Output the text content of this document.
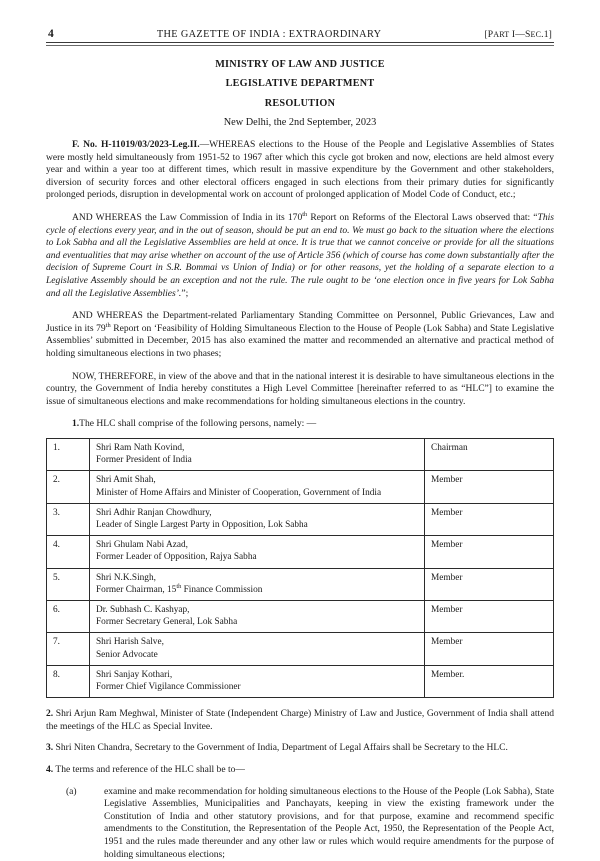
4	THE GAZETTE OF INDIA : EXTRAORDINARY	[PART I—SEC.1]
MINISTRY OF LAW AND JUSTICE
LEGISLATIVE DEPARTMENT
RESOLUTION
New Delhi, the 2nd September, 2023

F. No. H-11019/03/2023-Leg.II.—WHEREAS elections to the House of the People and Legislative Assemblies of States were mostly held simultaneously from 1951-52 to 1967 after which this cycle got broken and now, elections are held almost every year and within a year too at different times, which result in massive expenditure by the Government and other stakeholders, diversion of security forces and other electoral officers engaged in such elections from their primary duties for significantly prolonged periods, disruption in developmental work on account of prolonged application of Model Code of Conduct, etc.;

AND WHEREAS the Law Commission of India in its 170th Report on Reforms of the Electoral Laws observed that: “This cycle of elections every year, and in the out of season, should be put an end to. We must go back to the situation where the elections to Lok Sabha and all the Legislative Assemblies are held at once. It is true that we cannot conceive or provide for all the situations and eventualities that may arise whether on account of the use of Article 356 (which of course has come down substantially after the decision of Supreme Court in S.R. Bommai vs Union of India) or for other reasons, yet the holding of a separate election to a Legislative Assembly should be an exception and not the rule. The rule ought to be ‘one election once in five years for Lok Sabha and all the Legislative Assemblies’.”;

AND WHEREAS the Department-related Parliamentary Standing Committee on Personnel, Public Grievances, Law and Justice in its 79th Report on ‘Feasibility of Holding Simultaneous Election to the House of People (Lok Sabha) and State Legislative Assemblies’ submitted in December, 2015 has also examined the matter and recommended an alternative and practical method of holding simultaneous elections in two phases;

NOW, THEREFORE, in view of the above and that in the national interest it is desirable to have simultaneous elections in the country, the Government of India hereby constitutes a High Level Committee [hereinafter referred to as “HLC”] to examine the issue of simultaneous elections and make recommendations for holding simultaneous elections in the country.

1.The HLC shall comprise of the following persons, namely: —
1.	Shri Ram Nath Kovind,
Former President of India	Chairman
2.	Shri Amit Shah,
Minister of Home Affairs and Minister of Cooperation, Government of India	Member
3.	Shri Adhir Ranjan Chowdhury,
Leader of Single Largest Party in Opposition, Lok Sabha	Member
4.	Shri Ghulam Nabi Azad,
Former Leader of Opposition, Rajya Sabha	Member
5.	Shri N.K.Singh,
Former Chairman, 15th Finance Commission	Member
6.	Dr. Subhash C. Kashyap,
Former Secretary General, Lok Sabha	Member
7.	Shri Harish Salve,
Senior Advocate	Member
8.	Shri Sanjay Kothari,
Former Chief Vigilance Commissioner	Member.

2. Shri Arjun Ram Meghwal, Minister of State (Independent Charge) Ministry of Law and Justice, Government of India shall attend the meetings of the HLC as Special Invitee.

3. Shri Niten Chandra, Secretary to the Government of India, Department of Legal Affairs shall be Secretary to the HLC.

4. The terms and reference of the HLC shall be to—

(a)	examine and make recommendation for holding simultaneous elections to the House of the People (Lok Sabha), State Legislative Assemblies, Municipalities and Panchayats, keeping in view the existing framework under the Constitution of India and other statutory provisions, and for that purpose, examine and recommend specific amendments to the Constitution, the Representation of the People Act, 1950, the Representation of the People Act, 1951 and the rules made thereunder and any other law or rules which would require amendments for the purpose of holding simultaneous elections;
